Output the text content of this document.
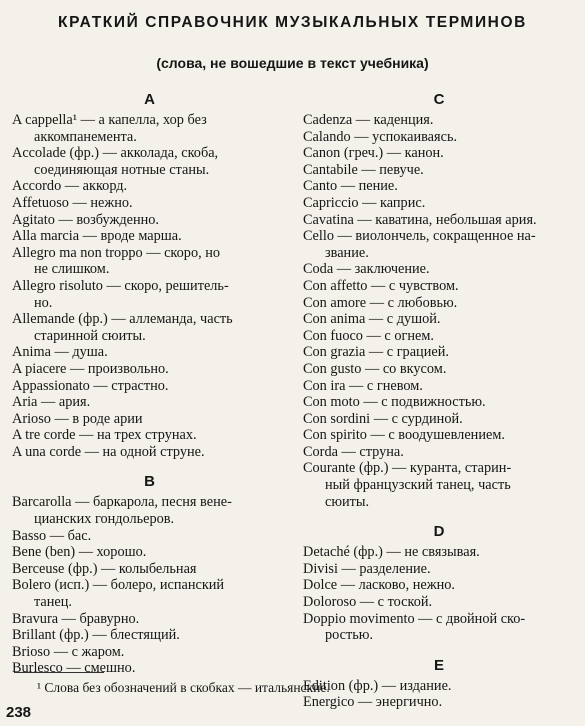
КРАТКИЙ СПРАВОЧНИК МУЗЫКАЛЬНЫХ ТЕРМИНОВ
(слова, не вошедшие в текст учебника)
A
A cappella¹ — а капелла, хор без
аккомпанемента.
Accolade (фр.) — акколада, скоба,
соединяющая нотные станы.
Accordo — аккорд.
Affetuoso — нежно.
Agitato — возбужденно.
Alla marcia — вроде марша.
Allegro ma non troppo — скоро, но
не слишком.
Allegro risoluto — скоро, решитель-
но.
Allemande (фр.) — аллеманда, часть
старинной сюиты.
Anima — душа.
A piacere — произвольно.
Appassionato — страстно.
Aria — ария.
Arioso — в роде арии
A tre corde — на трех струнах.
A una corde — на одной струне.
B
Barcarolla — баркарола, песня вене-
цианских гондольеров.
Basso — бас.
Bene (ben) — хорошо.
Berceuse (фр.) — колыбельная
Bolero (исп.) — болеро, испанский
танец.
Bravura — бравурно.
Brillant (фр.) — блестящий.
Brioso — с жаром.
Burlesco — смешно.
C
Cadenza — каденция.
Calando — успокаиваясь.
Canon (греч.) — канон.
Cantabile — певуче.
Canto — пение.
Capriccio — каприс.
Cavatina — каватина, небольшая ария.
Cello — виолончель, сокращенное на-
звание.
Coda — заключение.
Con affetto — с чувством.
Con amore — с любовью.
Con anima — с душой.
Con fuoco — с огнем.
Con grazia — с грацией.
Con gusto — со вкусом.
Con ira — с гневом.
Con moto — с подвижностью.
Con sordini — с сурдиной.
Con spirito — с воодушевлением.
Corda — струна.
Courante (фр.) — куранта, старин-
ный французский танец, часть
сюиты.
D
Detaché (фр.) — не связывая.
Divisi — разделение.
Dolce — ласково, нежно.
Doloroso — с тоской.
Doppio movimento — с двойной ско-
ростью.
E
Edition (фр.) — издание.
Energico — энергично.
¹ Слова без обозначений в скобках — итальянские.
238
